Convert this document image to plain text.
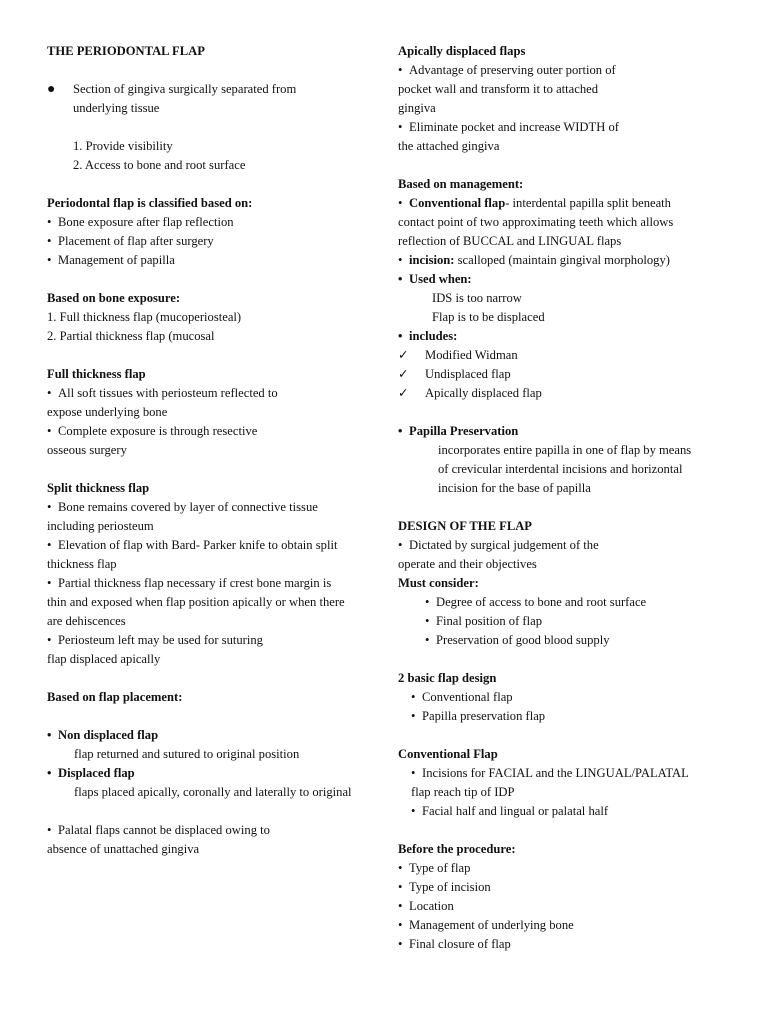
THE PERIODONTAL FLAP
● Section of gingiva surgically separated from
underlying tissue
1. Provide visibility
2. Access to bone and root surface
Periodontal flap is classified based on:
• Bone exposure after flap reflection
• Placement of flap after surgery
• Management of papilla
Based on bone exposure:
1. Full thickness flap (mucoperiosteal)
2. Partial thickness flap (mucosal
Full thickness flap
• All soft tissues with periosteum reflected to
expose underlying bone
• Complete exposure is through resective
osseous surgery
Split thickness flap
• Bone remains covered by layer of connective tissue
including periosteum
• Elevation of flap with Bard- Parker knife to obtain split
thickness flap
• Partial thickness flap necessary if crest bone margin is
thin and exposed when flap position apically or when there
are dehiscences
• Periosteum left may be used for suturing
flap displaced apically
Based on flap placement:
• Non displaced flap
flap returned and sutured to original position
• Displaced flap
flaps placed apically, coronally and laterally to original
• Palatal flaps cannot be displaced owing to
absence of unattached gingiva
Apically displaced flaps
• Advantage of preserving outer portion of
pocket wall and transform it to attached
gingiva
• Eliminate pocket and increase WIDTH of
the attached gingiva
Based on management:
• Conventional flap- interdental papilla split beneath
contact point of two approximating teeth which allows
reflection of BUCCAL and LINGUAL flaps
• incision: scalloped (maintain gingival morphology)
• Used when:
IDS is too narrow
Flap is to be displaced
• includes:
✓ Modified Widman
✓ Undisplaced flap
✓ Apically displaced flap
• Papilla Preservation
incorporates entire papilla in one of flap by means
of crevicular interdental incisions and horizontal
incision for the base of papilla
DESIGN OF THE FLAP
• Dictated by surgical judgement of the
operate and their objectives
Must consider:
• Degree of access to bone and root surface
• Final position of flap
• Preservation of good blood supply
2 basic flap design
• Conventional flap
• Papilla preservation flap
Conventional Flap
• Incisions for FACIAL and the LINGUAL/PALATAL
flap reach tip of IDP
• Facial half and lingual or palatal half
Before the procedure:
• Type of flap
• Type of incision
• Location
• Management of underlying bone
• Final closure of flap
